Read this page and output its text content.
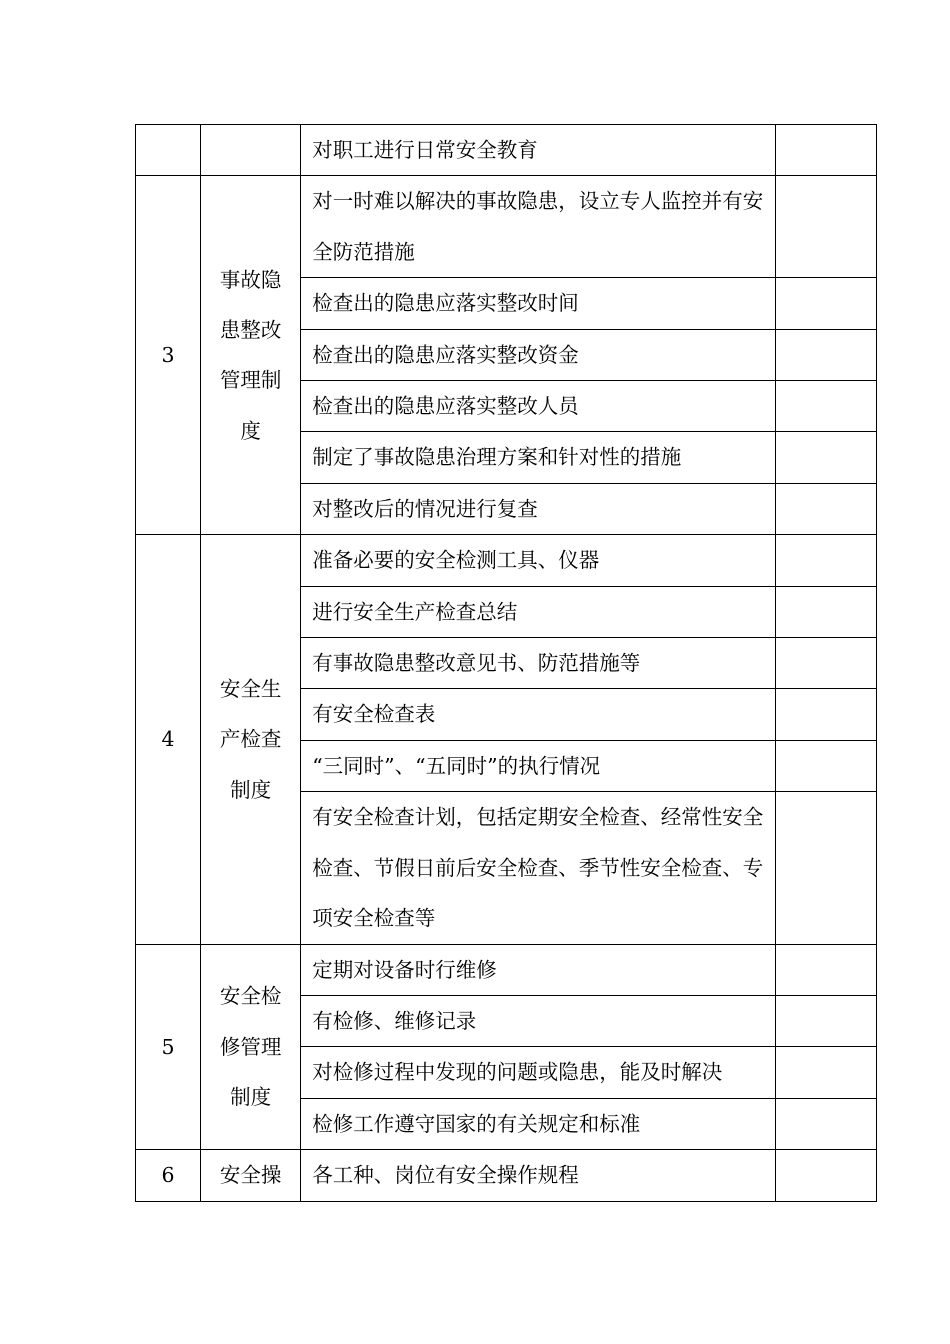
		对职工进行日常安全教育	

3	事故隐患整改管理制度	对一时难以解决的事故隐患，设立专人监控并有安全防范措施	

		检查出的隐患应落实整改时间	

		检查出的隐患应落实整改资金	

		检查出的隐患应落实整改人员	

		制定了事故隐患治理方案和针对性的措施	

		对整改后的情况进行复查	

4	安全生产检查制度	准备必要的安全检测工具、仪器	

		进行安全生产检查总结	

		有事故隐患整改意见书、防范措施等	

		有安全检查表	

		“三同时”、“五同时”的执行情况	

		有安全检查计划，包括定期安全检查、经常性安全检查、节假日前后安全检查、季节性安全检查、专项安全检查等	

5	安全检修管理制度	定期对设备时行维修	

		有检修、维修记录	

		对检修过程中发现的问题或隐患，能及时解决	

		检修工作遵守国家的有关规定和标准	

6	安全操	各工种、岗位有安全操作规程	
